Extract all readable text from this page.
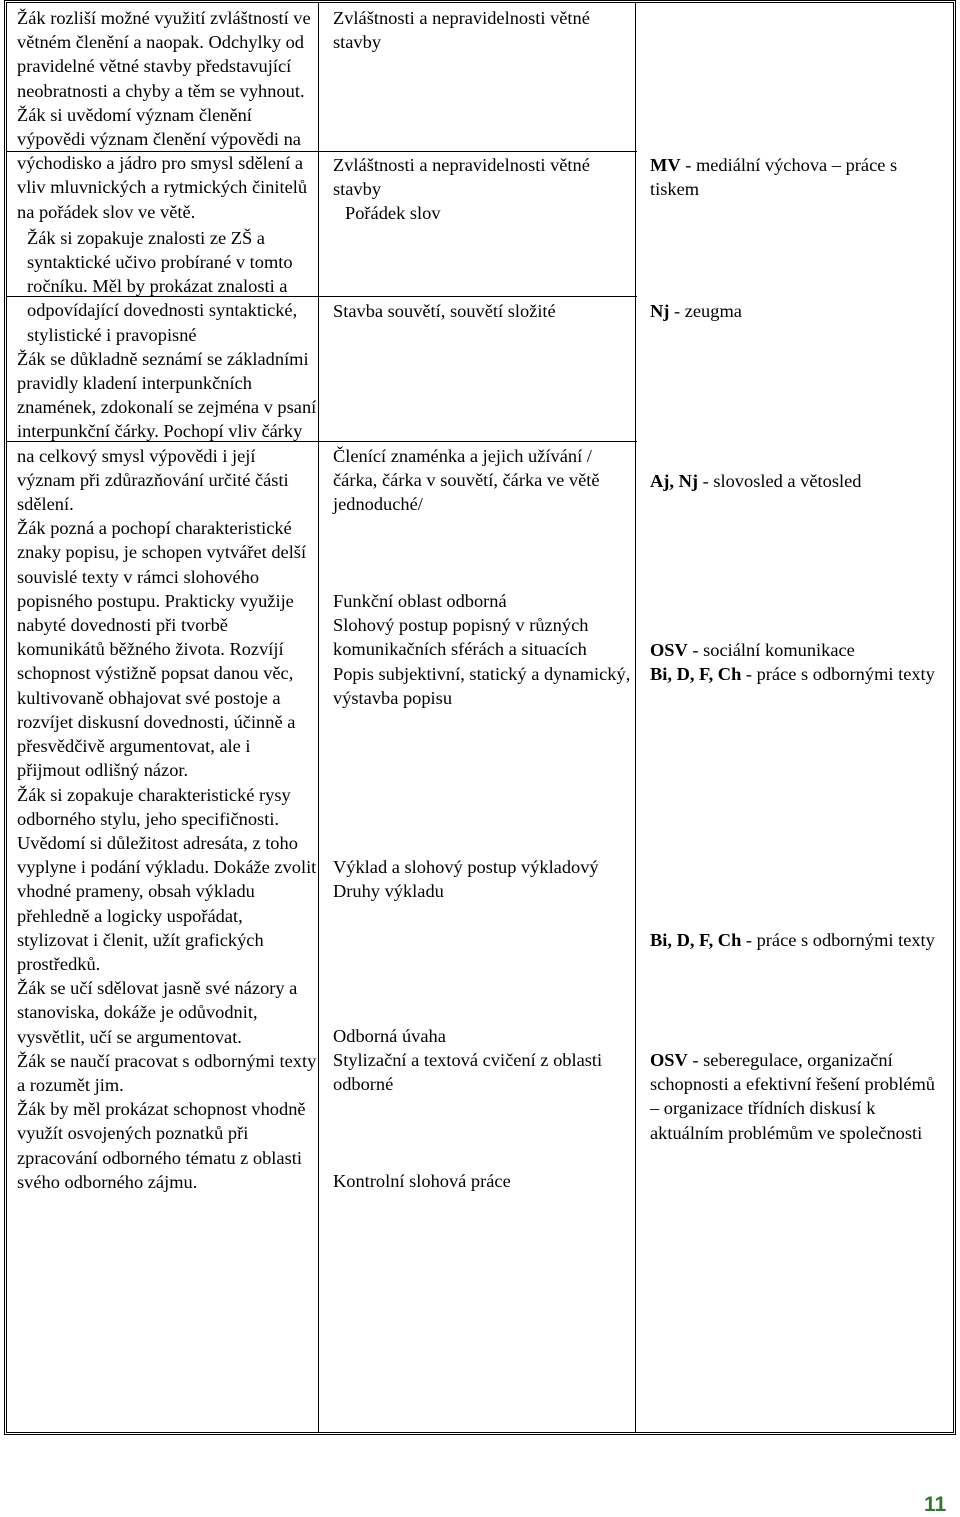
Žák rozliší možné využití zvláštností ve větném členění a naopak. Odchylky od pravidelné větné stavby představující neobratnosti a chyby a těm se vyhnout.

Žák si uvědomí význam členění výpovědi význam členění výpovědi na východisko a jádro pro smysl sdělení a vliv mluvnických a rytmických činitelů na pořádek slov ve větě.

Žák si zopakuje znalosti ze ZŠ a syntaktické učivo probírané v tomto ročníku. Měl by prokázat znalosti a odpovídající dovednosti syntaktické, stylistické i pravopisné

Žák se důkladně seznámí se základními pravidly kladení interpunkčních znamének, zdokonalí se zejména v psaní interpunkční čárky. Pochopí vliv čárky na celkový smysl výpovědi i její význam při zdůrazňování určité části sdělení.

Žák pozná a pochopí charakteristické znaky popisu, je schopen vytvářet delší souvislé texty v rámci slohového popisného postupu. Prakticky využije nabyté dovednosti při tvorbě komunikátů běžného života. Rozvíjí schopnost výstižně popsat danou věc, kultivovaně obhajovat své postoje a rozvíjet diskusní dovednosti, účinně a přesvědčivě argumentovat, ale i přijmout odlišný názor.

Žák si zopakuje charakteristické rysy odborného stylu, jeho specifičnosti. Uvědomí si důležitost adresáta, z toho vyplyne i podání výkladu. Dokáže zvolit vhodné prameny, obsah výkladu přehledně a logicky uspořádat, stylizovat i členit, užít grafických prostředků.

Žák se učí sdělovat jasně své názory a stanoviska, dokáže je odůvodnit, vysvětlit, učí se argumentovat.

Žák se naučí pracovat s odbornými texty a rozumět jim.

Žák by měl prokázat schopnost vhodně využít osvojených poznatků při zpracování odborného tématu z oblasti svého odborného zájmu.

Zvláštnosti a nepravidelnosti větné stavby

Zvláštnosti a nepravidelnosti větné stavby

Pořádek slov

Stavba souvětí, souvětí složité

Členící znaménka a jejich užívání /čárka, čárka v souvětí, čárka ve větě jednoduché/

Funkční oblast odborná

Slohový postup popisný v různých komunikačních sférách a situacích

Popis subjektivní, statický a dynamický, výstavba popisu

Výklad a slohový postup výkladový

Druhy výkladu

Odborná úvaha

Stylizační a textová cvičení z oblasti odborné

Kontrolní slohová práce

MV - mediální výchova – práce s tiskem

Nj - zeugma

Aj, Nj - slovosled a větosled

OSV - sociální komunikace

Bi, D, F, Ch - práce s odbornými texty

Bi, D, F, Ch - práce s odbornými texty

OSV - seberegulace, organizační schopnosti a efektivní řešení problémů – organizace třídních diskusí k aktuálním problémům ve společnosti

11
